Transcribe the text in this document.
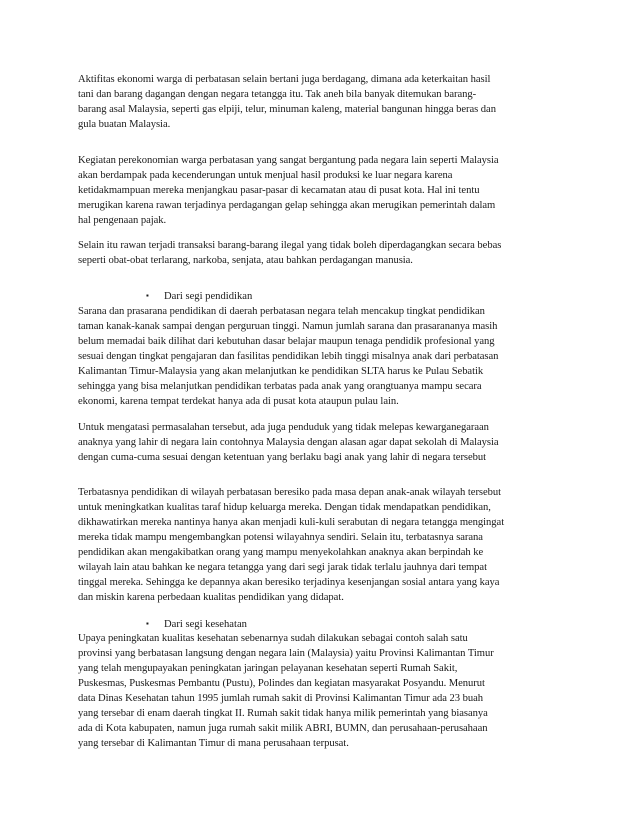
Aktifitas ekonomi warga di perbatasan selain bertani juga berdagang, dimana ada keterkaitan hasil
tani dan barang dagangan dengan negara tetangga itu. Tak aneh bila banyak ditemukan barang-
barang asal Malaysia, seperti gas elpiji, telur, minuman kaleng, material bangunan hingga beras dan
gula buatan Malaysia.

Kegiatan perekonomian warga perbatasan yang sangat bergantung pada negara lain seperti Malaysia
akan berdampak pada kecenderungan untuk menjual hasil produksi ke luar negara karena
ketidakmampuan mereka menjangkau pasar-pasar di kecamatan atau di pusat kota. Hal ini tentu
merugikan karena rawan terjadinya perdagangan gelap sehingga akan merugikan pemerintah dalam
hal pengenaan pajak.

Selain itu rawan terjadi transaksi barang-barang ilegal yang tidak boleh diperdagangkan secara bebas
seperti obat-obat terlarang, narkoba, senjata, atau bahkan perdagangan manusia.

▪ Dari segi pendidikan

Sarana dan prasarana pendidikan di daerah perbatasan negara telah mencakup tingkat pendidikan
taman kanak-kanak sampai dengan perguruan tinggi. Namun jumlah sarana dan prasarananya masih
belum memadai baik dilihat dari kebutuhan dasar belajar maupun tenaga pendidik profesional yang
sesuai dengan tingkat pengajaran dan fasilitas pendidikan lebih tinggi misalnya anak dari perbatasan
Kalimantan Timur-Malaysia yang akan melanjutkan ke pendidikan SLTA harus ke Pulau Sebatik
sehingga yang bisa melanjutkan pendidikan terbatas pada anak yang orangtuanya mampu secara
ekonomi, karena tempat terdekat hanya ada di pusat kota ataupun pulau lain.

Untuk mengatasi permasalahan tersebut, ada juga penduduk yang tidak melepas kewarganegaraan
anaknya yang lahir di negara lain contohnya Malaysia dengan alasan agar dapat sekolah di Malaysia
dengan cuma-cuma sesuai dengan ketentuan yang berlaku bagi anak yang lahir di negara tersebut

Terbatasnya pendidikan di wilayah perbatasan beresiko pada masa depan anak-anak wilayah tersebut
untuk meningkatkan kualitas taraf hidup keluarga mereka. Dengan tidak mendapatkan pendidikan,
dikhawatirkan mereka nantinya hanya akan menjadi kuli-kuli serabutan di negara tetangga mengingat
mereka tidak mampu mengembangkan potensi wilayahnya sendiri. Selain itu, terbatasnya sarana
pendidikan akan mengakibatkan orang yang mampu menyekolahkan anaknya akan berpindah ke
wilayah lain atau bahkan ke negara tetangga yang dari segi jarak tidak terlalu jauhnya dari tempat
tinggal mereka. Sehingga ke depannya akan beresiko terjadinya kesenjangan sosial antara yang kaya
dan miskin karena perbedaan kualitas pendidikan yang didapat.

▪ Dari segi kesehatan

Upaya peningkatan kualitas kesehatan sebenarnya sudah dilakukan sebagai contoh salah satu
provinsi yang berbatasan langsung dengan negara lain (Malaysia) yaitu Provinsi Kalimantan Timur
yang telah mengupayakan peningkatan jaringan pelayanan kesehatan seperti Rumah Sakit,
Puskesmas, Puskesmas Pembantu (Pustu), Polindes dan kegiatan masyarakat Posyandu. Menurut
data Dinas Kesehatan tahun 1995 jumlah rumah sakit di Provinsi Kalimantan Timur ada 23 buah
yang tersebar di enam daerah tingkat II. Rumah sakit tidak hanya milik pemerintah yang biasanya
ada di Kota kabupaten, namun juga rumah sakit milik ABRI, BUMN, dan perusahaan-perusahaan
yang tersebar di Kalimantan Timur di mana perusahaan terpusat.
